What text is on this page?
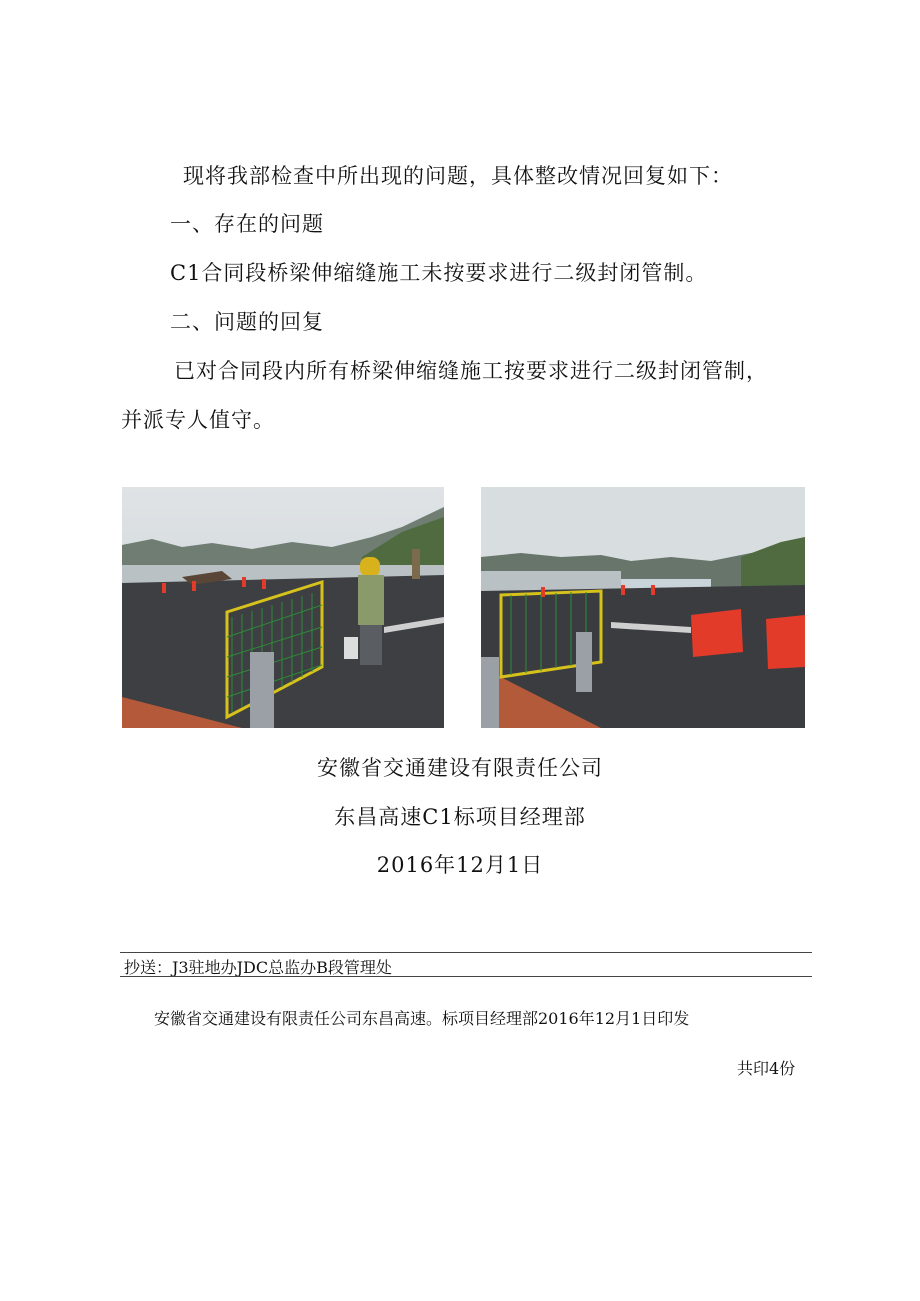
现将我部检查中所出现的问题，具体整改情况回复如下：
一、存在的问题
C1合同段桥梁伸缩缝施工未按要求进行二级封闭管制。
二、问题的回复
已对合同段内所有桥梁伸缩缝施工按要求进行二级封闭管制，
并派专人值守。
安徽省交通建设有限责任公司
东昌高速C1标项目经理部
2016年12月1日
抄送：J3驻地办JDC总监办B段管理处
安徽省交通建设有限责任公司东昌高速。标项目经理部2016年12月1日印发
共印4份
